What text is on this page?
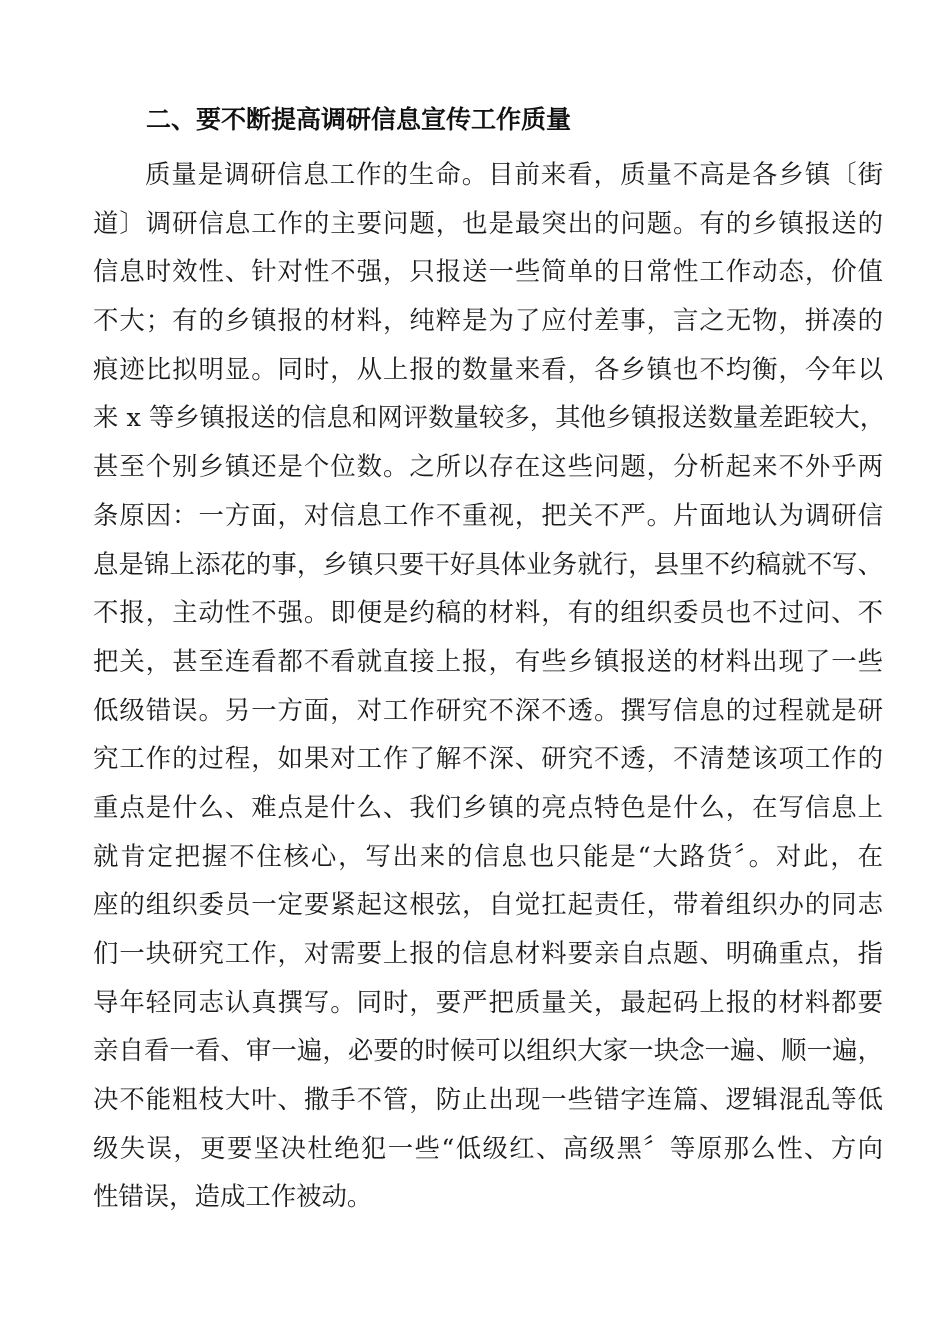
二、要不断提高调研信息宣传工作质量
质量是调研信息工作的生命。目前来看，质量不高是各乡镇〔街
道〕调研信息工作的主要问题，也是最突出的问题。有的乡镇报送的
信息时效性、针对性不强，只报送一些简单的日常性工作动态，价值
不大；有的乡镇报的材料，纯粹是为了应付差事，言之无物，拼凑的
痕迹比拟明显。同时，从上报的数量来看，各乡镇也不均衡，今年以
来 x 等乡镇报送的信息和网评数量较多，其他乡镇报送数量差距较大，
甚至个别乡镇还是个位数。之所以存在这些问题，分析起来不外乎两
条原因：一方面，对信息工作不重视，把关不严。片面地认为调研信
息是锦上添花的事，乡镇只要干好具体业务就行，县里不约稿就不写、
不报，主动性不强。即便是约稿的材料，有的组织委员也不过问、不
把关，甚至连看都不看就直接上报，有些乡镇报送的材料出现了一些
低级错误。另一方面，对工作研究不深不透。撰写信息的过程就是研
究工作的过程，如果对工作了解不深、研究不透，不清楚该项工作的
重点是什么、难点是什么、我们乡镇的亮点特色是什么，在写信息上
就肯定把握不住核心，写出来的信息也只能是“大路货〞。对此，在
座的组织委员一定要紧起这根弦，自觉扛起责任，带着组织办的同志
们一块研究工作，对需要上报的信息材料要亲自点题、明确重点，指
导年轻同志认真撰写。同时，要严把质量关，最起码上报的材料都要
亲自看一看、审一遍，必要的时候可以组织大家一块念一遍、顺一遍，
决不能粗枝大叶、撒手不管，防止出现一些错字连篇、逻辑混乱等低
级失误，更要坚决杜绝犯一些“低级红、高级黑〞等原那么性、方向
性错误，造成工作被动。
